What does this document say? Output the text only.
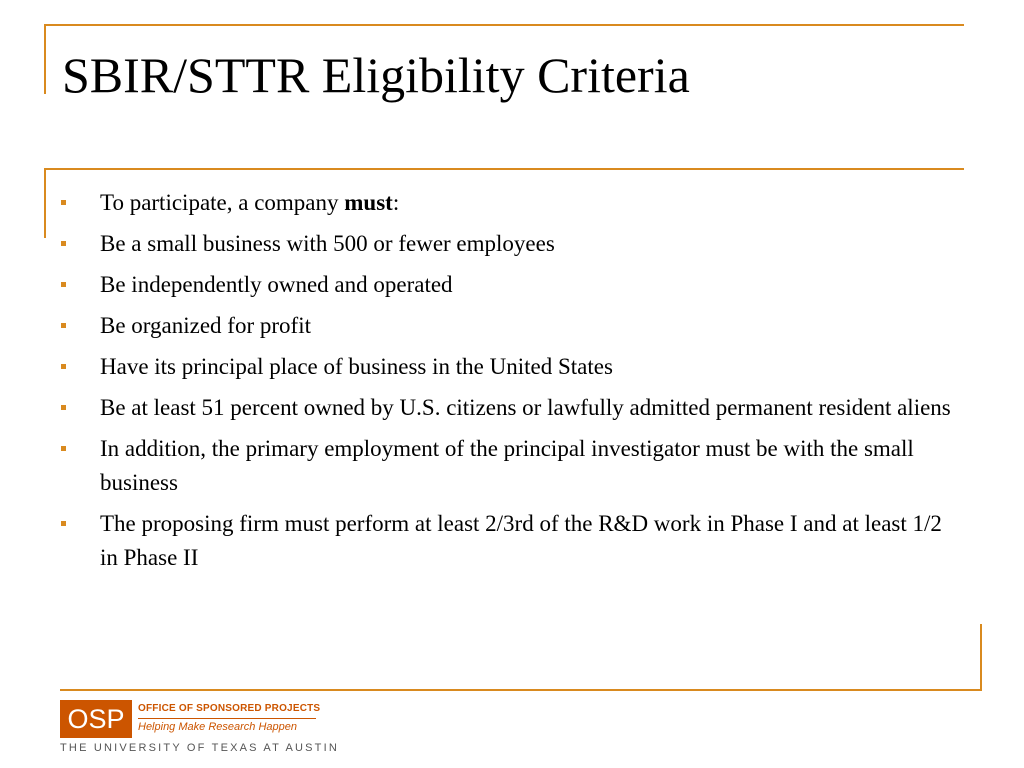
SBIR/STTR Eligibility Criteria
To participate, a company must:
Be a small business with 500 or fewer employees
Be independently owned and operated
Be organized for profit
Have its principal place of business in the United States
Be at least 51 percent owned by U.S. citizens or lawfully admitted permanent resident aliens
In addition, the primary employment of the principal investigator must be with the small business
The proposing firm must perform at least 2/3rd of the R&D work in Phase I and at least 1/2 in Phase II
OSP	OFFICE OF SPONSORED PROJECTS
Helping Make Research Happen
THE UNIVERSITY OF TEXAS AT AUSTIN
